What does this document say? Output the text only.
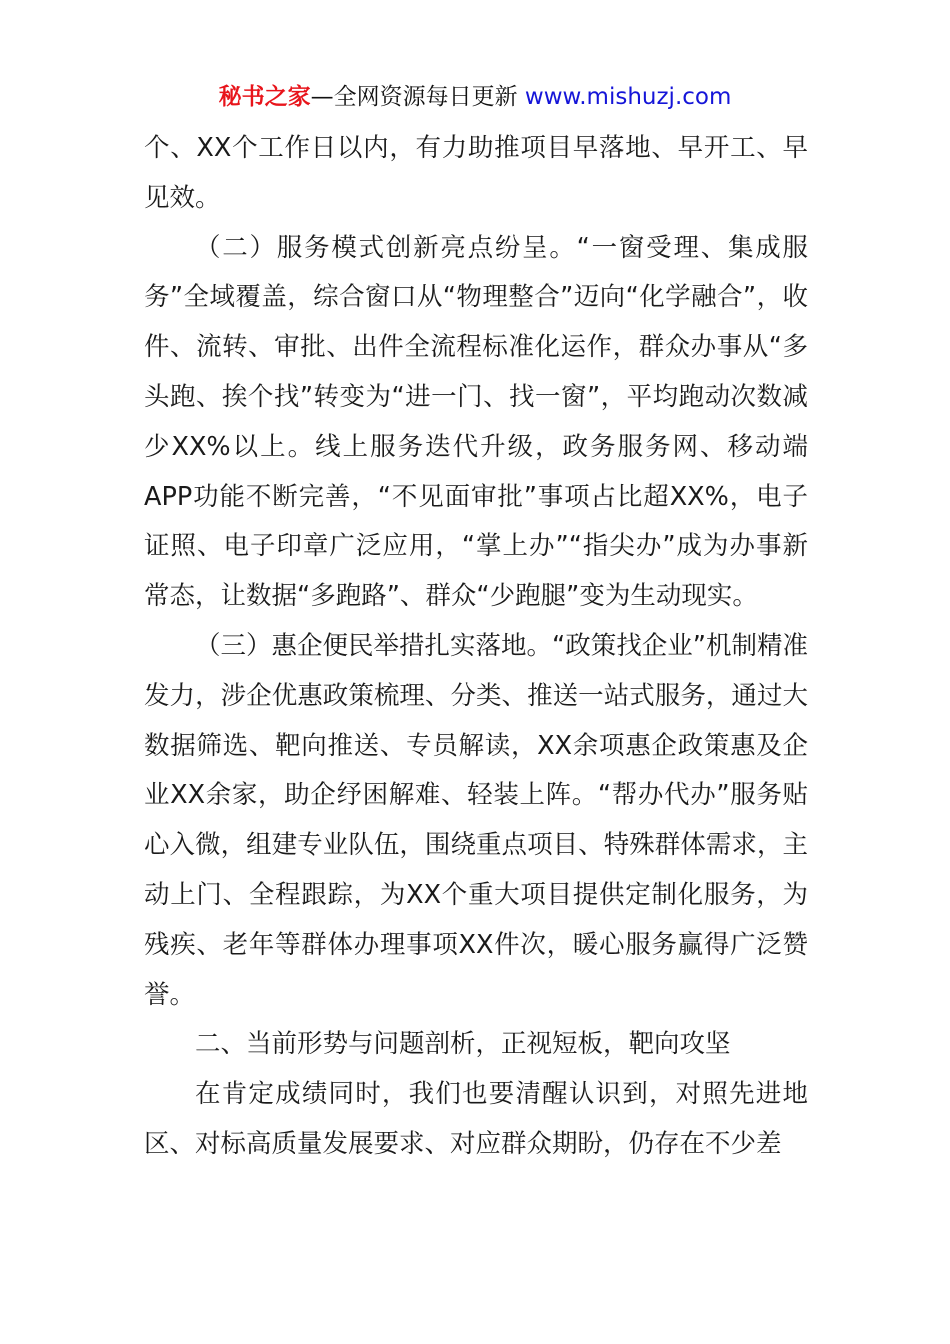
秘书之家—全网资源每日更新 www.mishuzj.com

个、XX个工作日以内，有力助推项目早落地、早开工、早见效。

（二）服务模式创新亮点纷呈。“一窗受理、集成服务”全域覆盖，综合窗口从“物理整合”迈向“化学融合”，收件、流转、审批、出件全流程标准化运作，群众办事从“多头跑、挨个找”转变为“进一门、找一窗”，平均跑动次数减少XX%以上。线上服务迭代升级，政务服务网、移动端APP功能不断完善，“不见面审批”事项占比超XX%，电子证照、电子印章广泛应用，“掌上办”“指尖办”成为办事新常态，让数据“多跑路”、群众“少跑腿”变为生动现实。

（三）惠企便民举措扎实落地。“政策找企业”机制精准发力，涉企优惠政策梳理、分类、推送一站式服务，通过大数据筛选、靶向推送、专员解读，XX余项惠企政策惠及企业XX余家，助企纾困解难、轻装上阵。“帮办代办”服务贴心入微，组建专业队伍，围绕重点项目、特殊群体需求，主动上门、全程跟踪，为XX个重大项目提供定制化服务，为残疾、老年等群体办理事项XX件次，暖心服务赢得广泛赞誉。

二、当前形势与问题剖析，正视短板，靶向攻坚

在肯定成绩同时，我们也要清醒认识到，对照先进地区、对标高质量发展要求、对应群众期盼，仍存在不少差
